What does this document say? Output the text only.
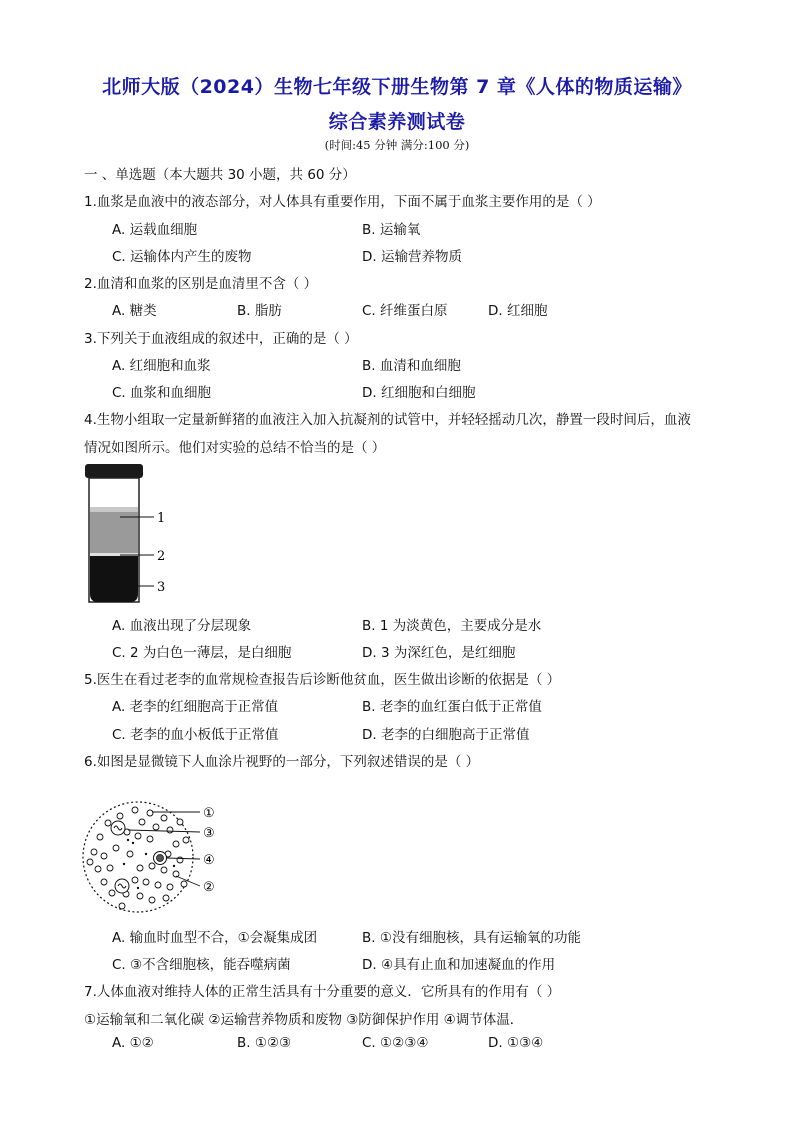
北师大版（2024）生物七年级下册生物第 7 章《人体的物质运输》
综合素养测试卷
(时间:45 分钟 满分:100 分)
一 、单选题（本大题共 30 小题，共 60 分）
1.血浆是血液中的液态部分，对人体具有重要作用，下面不属于血浆主要作用的是（ ）
A. 运载血细胞	B. 运输氧
C. 运输体内产生的废物	D. 运输营养物质
2.血清和血浆的区别是血清里不含（ ）
A. 糖类	B. 脂肪	C. 纤维蛋白原	D. 红细胞
3.下列关于血液组成的叙述中，正确的是（ ）
A. 红细胞和血浆	B. 血清和血细胞
C. 血浆和血细胞	D. 红细胞和白细胞
4.生物小组取一定量新鲜猪的血液注入加入抗凝剂的试管中，并轻轻摇动几次，静置一段时间后，血液
情况如图所示。他们对实验的总结不恰当的是（ ）
1
2
3
A. 血液出现了分层现象	B. 1 为淡黄色，主要成分是水
C. 2 为白色一薄层，是白细胞	D. 3 为深红色，是红细胞
5.医生在看过老李的血常规检查报告后诊断他贫血，医生做出诊断的依据是（ ）
A. 老李的红细胞高于正常值	B. 老李的血红蛋白低于正常值
C. 老李的血小板低于正常值	D. 老李的白细胞高于正常值
6.如图是显微镜下人血涂片视野的一部分，下列叙述错误的是（ ）
①
③
④
②
A. 输血时血型不合，①会凝集成团	B. ①没有细胞核，具有运输氧的功能
C. ③不含细胞核，能吞噬病菌	D. ④具有止血和加速凝血的作用
7.人体血液对维持人体的正常生活具有十分重要的意义．它所具有的作用有（ ）
①运输氧和二氧化碳 ②运输营养物质和废物 ③防御保护作用 ④调节体温．
A. ①②	B. ①②③	C. ①②③④	D. ①③④
